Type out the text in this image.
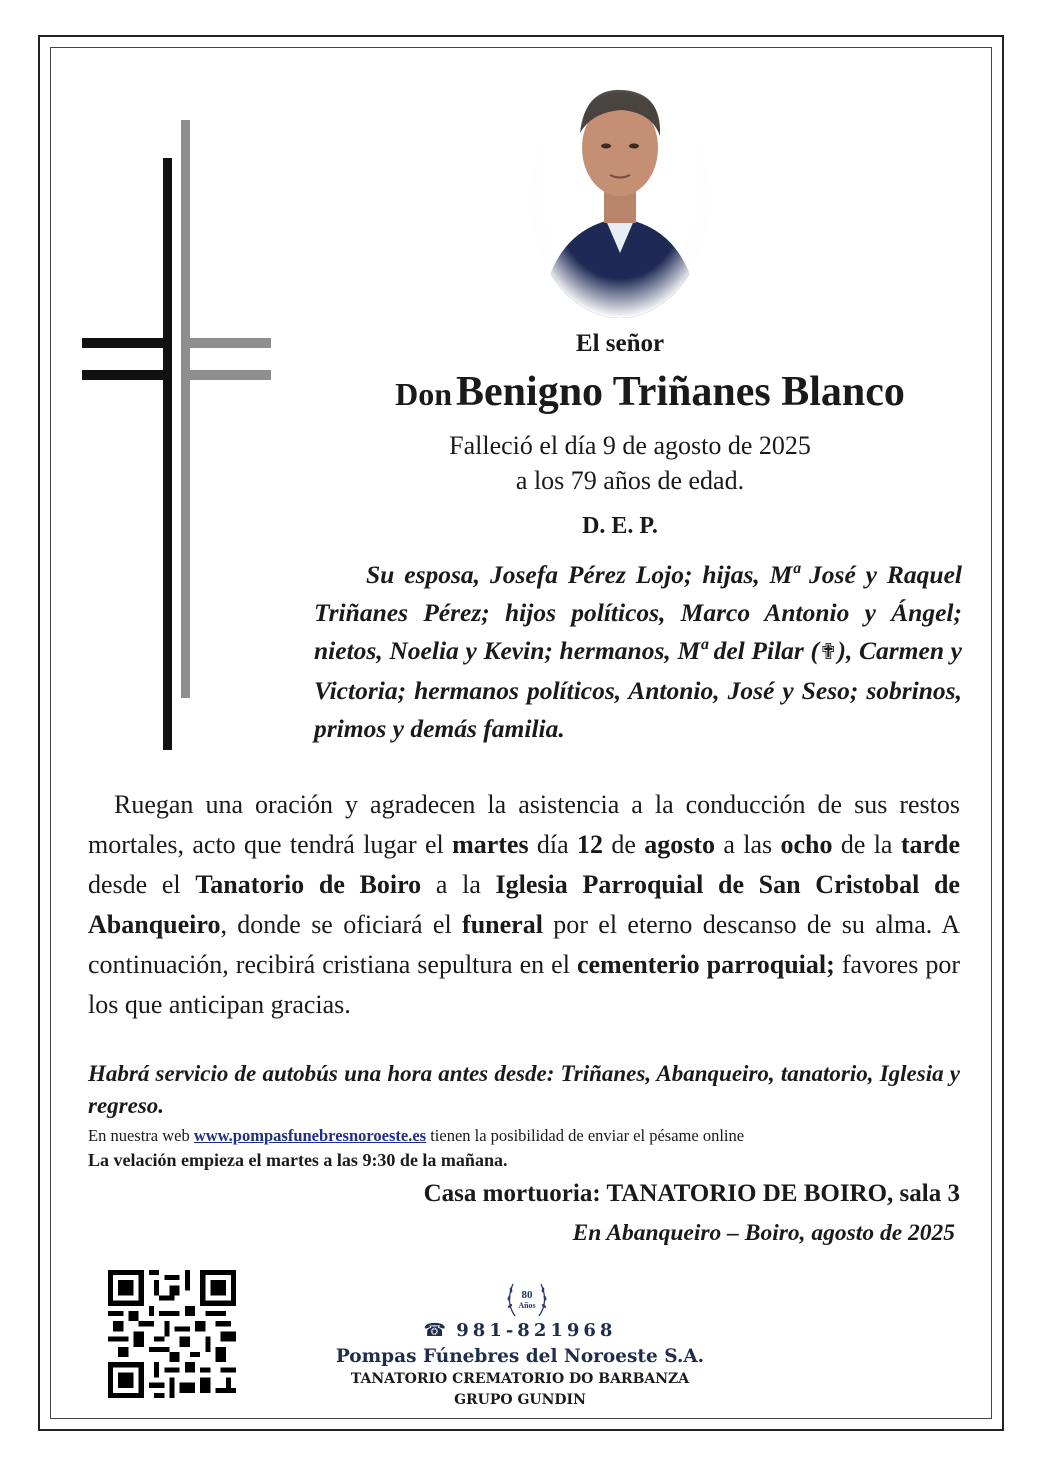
El señor
Don Benigno Triñanes Blanco
Falleció el día 9 de agosto de 2025
a los 79 años de edad.
D. E. P.
Su esposa, Josefa Pérez Lojo; hijas, Mª José y Raquel Triñanes Pérez; hijos políticos, Marco Antonio y Ángel; nietos, Noelia y Kevin; hermanos, Mª del Pilar (✟), Carmen y Victoria; hermanos políticos, Antonio, José y Seso; sobrinos, primos y demás familia.
Ruegan una oración y agradecen la asistencia a la conducción de sus restos mortales, acto que tendrá lugar el martes día 12 de agosto a las ocho de la tarde desde el Tanatorio de Boiro a la Iglesia Parroquial de San Cristobal de Abanqueiro, donde se oficiará el funeral por el eterno descanso de su alma. A continuación, recibirá cristiana sepultura en el cementerio parroquial; favores por los que anticipan gracias.
Habrá servicio de autobús una hora antes desde: Triñanes, Abanqueiro, tanatorio, Iglesia y regreso.
En nuestra web www.pompasfunebresnoroeste.es tienen la posibilidad de enviar el pésame online
La velación empieza el martes a las 9:30 de la mañana.
Casa mortuoria: TANATORIO DE BOIRO, sala 3
En Abanqueiro – Boiro, agosto de 2025
80
Años
☎ 981-821968
Pompas Fúnebres del Noroeste S.A.
TANATORIO CREMATORIO DO BARBANZA
GRUPO GUNDIN
